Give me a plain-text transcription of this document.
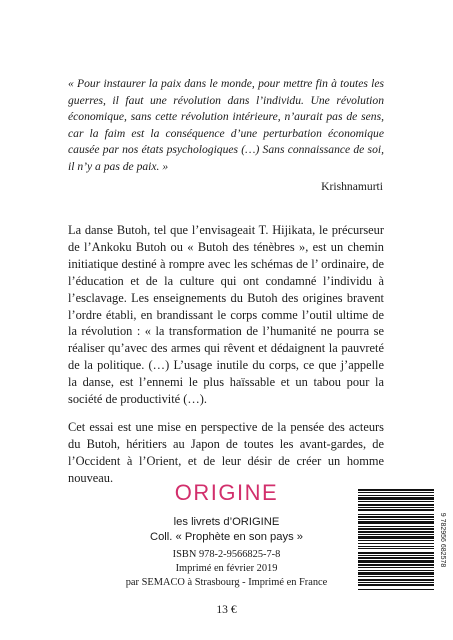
« Pour instaurer la paix dans le monde, pour mettre fin à toutes les guerres, il faut une révolution dans l’individu. Une révolution économique, sans cette révolution intérieure, n’aurait pas de sens, car la faim est la conséquence d’une perturbation économique causée par nos états psychologiques (…) Sans connaissance de soi, il n’y a pas de paix. »

Krishnamurti

La danse Butoh, tel que l’envisageait T. Hijikata, le précurseur de l’Ankoku Butoh ou « Butoh des ténèbres », est un chemin initiatique destiné à rompre avec les schémas de l’ ordinaire, de l’éducation et de la culture qui ont condamné l’individu à l’esclavage. Les enseignements du Butoh des origines bravent l’ordre établi, en brandissant le corps comme l’outil ultime de la révolution : « la transformation de l’humanité ne pourra se réaliser qu’avec des armes qui rêvent et dédaignent la pauvreté de la politique. (…) L’usage inutile du corps, ce que j’appelle la danse, est l’ennemi le plus haïssable et un tabou pour la société de productivité (…).

Cet essai est une mise en perspective de la pensée des acteurs du Butoh, héritiers au Japon de toutes les avant-gardes, de l’Occident à l’Orient, et de leur désir de créer un homme nouveau.

ORIGINE
les livrets d’ORIGINE
Coll. « Prophète en son pays »
ISBN 978-2-9566825-7-8
Imprimé en février 2019
par SEMACO à Strasbourg - Imprimé en France
13 €
9 782956 682578
